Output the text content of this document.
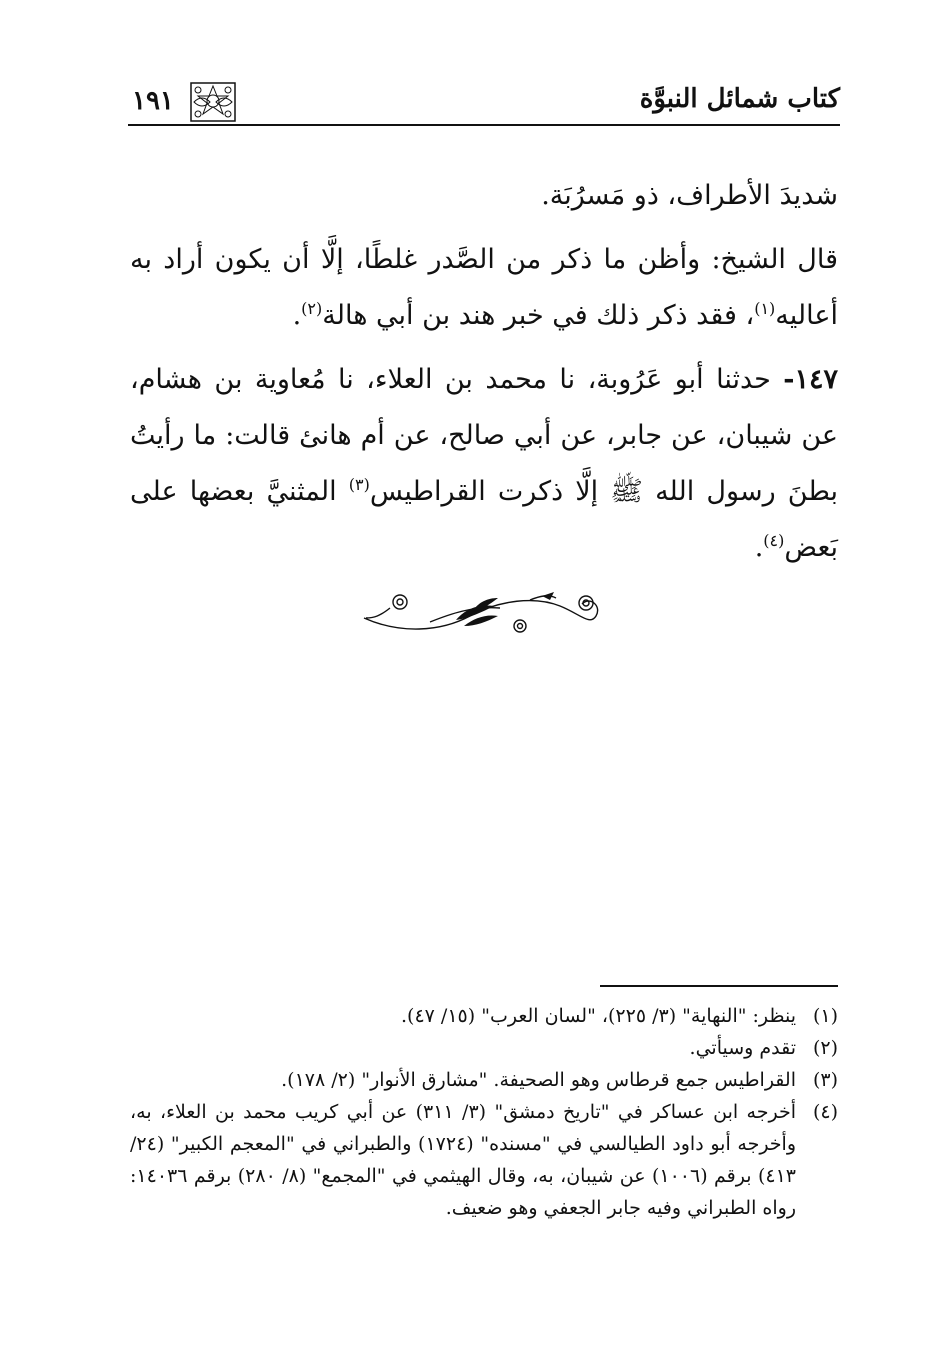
كتاب شمائل النبوَّة
١٩١

شديدَ الأطراف، ذو مَسرُبَة.

قال الشيخ: وأظن ما ذكر من الصَّدر غلطًا، إلَّا أن يكون أراد به أعاليه$^{(١)}$، فقد ذكر ذلك في خبر هند بن أبي هالة$^{(٢)}$.

١٤٧- حدثنا أبو عَرُوبة، نا محمد بن العلاء، نا مُعاوية بن هشام، عن شيبان، عن جابر، عن أبي صالح، عن أم هانئ قالت: ما رأيتُ بطنَ رسول الله ﷺ إلَّا ذكرت القراطيس$^{(٣)}$ المثنيَّ بعضها على بَعض$^{(٤)}$.

(١)
ينظر: "النهاية" (٣/ ٢٢٥)، "لسان العرب" (١٥/ ٤٧).
(٢)
تقدم وسيأتي.
(٣)
القراطيس جمع قرطاس وهو الصحيفة. "مشارق الأنوار" (٢/ ١٧٨).
(٤)
أخرجه ابن عساكر في "تاريخ دمشق" (٣/ ٣١١) عن أبي كريب محمد بن العلاء، به، وأخرجه أبو داود الطيالسي في "مسنده" (١٧٢٤) والطبراني في "المعجم الكبير" (٢٤/ ٤١٣) برقم (١٠٠٦) عن شيبان، به، وقال الهيثمي في "المجمع" (٨/ ٢٨٠) برقم ١٤٠٣٦: رواه الطبراني وفيه جابر الجعفي وهو ضعيف.
